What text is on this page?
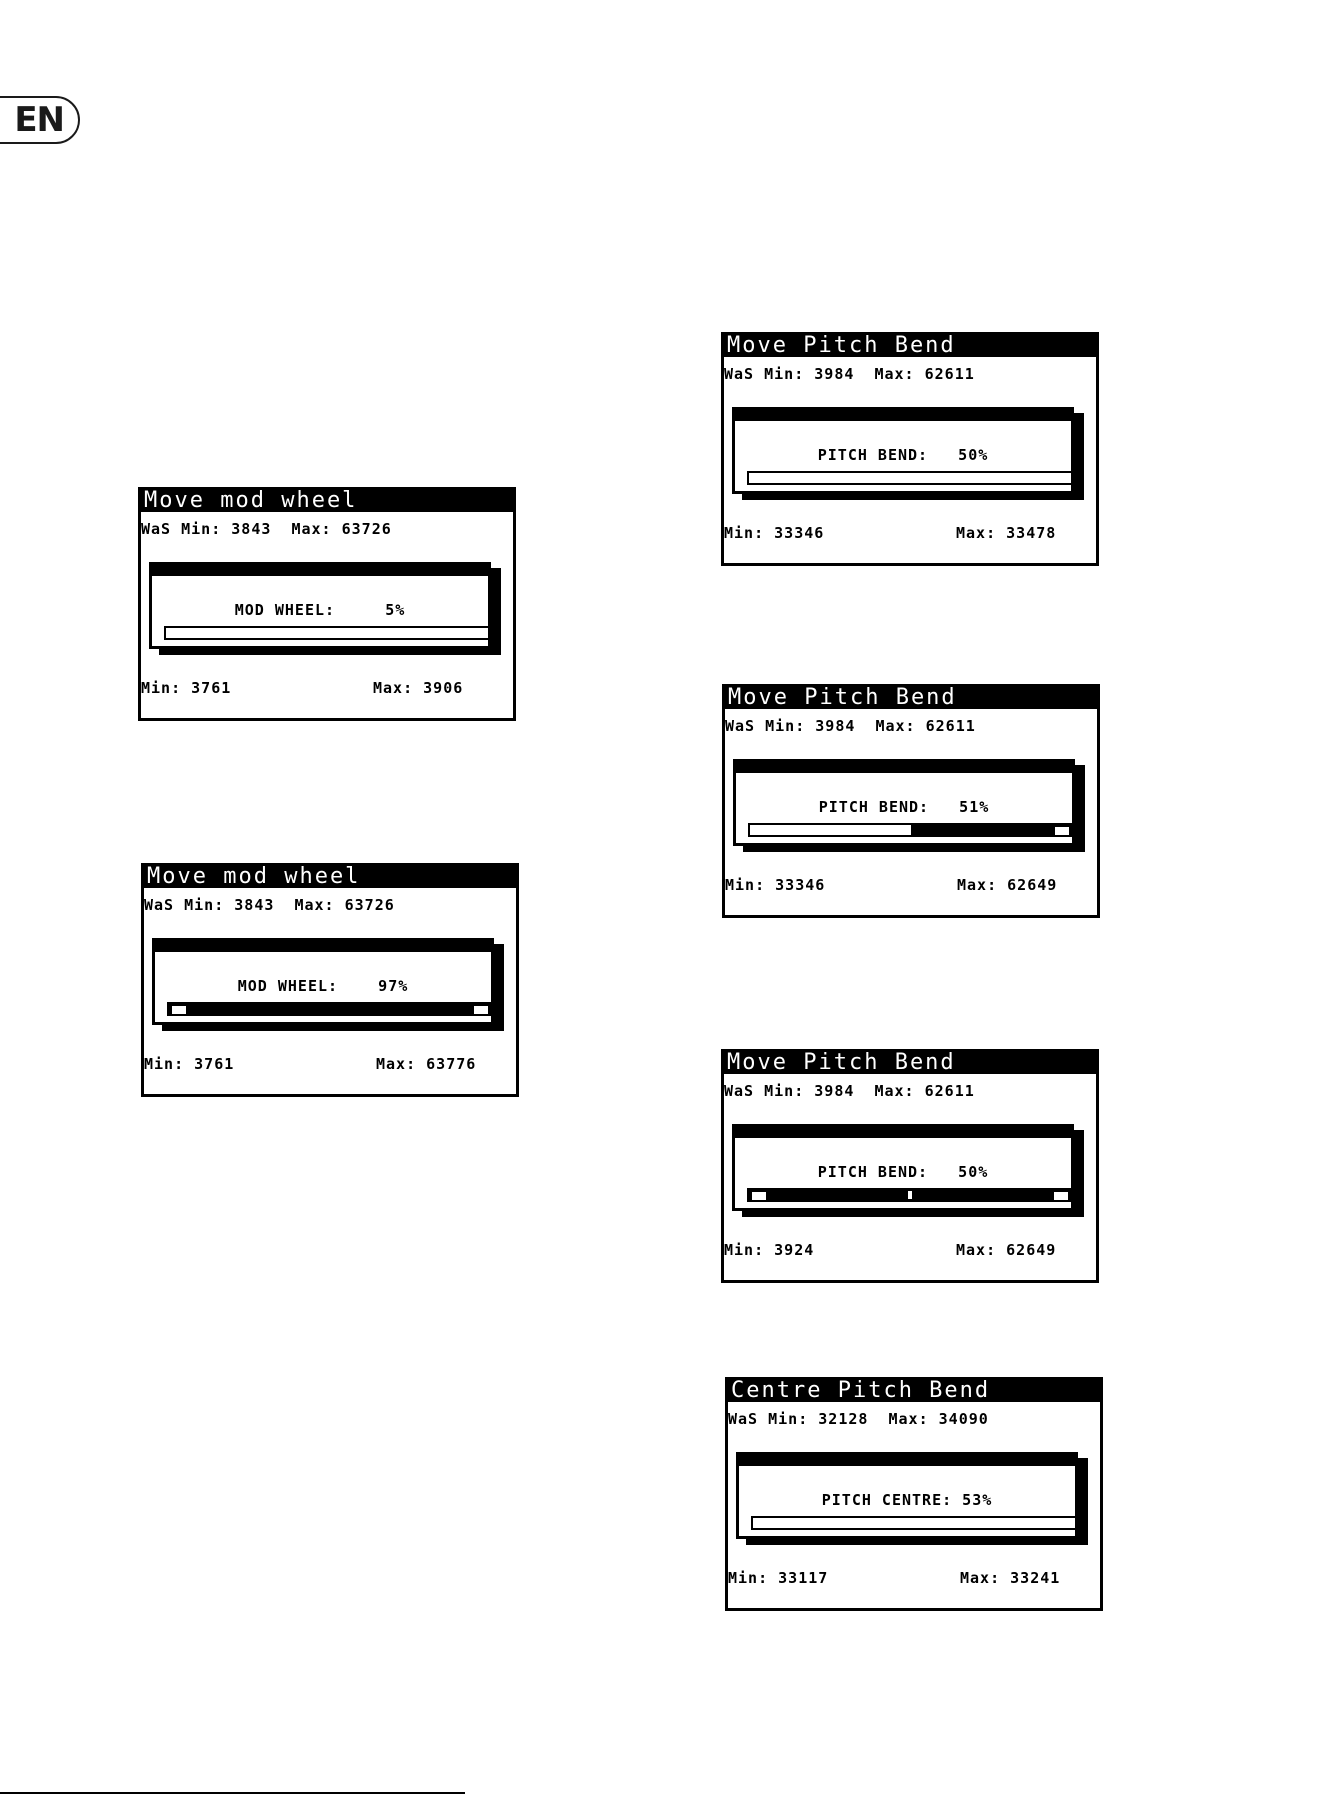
EN
Move mod wheel
WaS Min: 3843  Max: 63726
MOD WHEEL:     5%
Min: 3761	Max: 3906
Move mod wheel
WaS Min: 3843  Max: 63726
MOD WHEEL:    97%
Min: 3761	Max: 63776
Move Pitch Bend
WaS Min: 3984  Max: 62611
PITCH BEND:   50%
Min: 33346	Max: 33478
Move Pitch Bend
WaS Min: 3984  Max: 62611
PITCH BEND:   51%
Min: 33346	Max: 62649
Move Pitch Bend
WaS Min: 3984  Max: 62611
PITCH BEND:   50%
Min: 3924	Max: 62649
Centre Pitch Bend
WaS Min: 32128  Max: 34090
PITCH CENTRE: 53%
Min: 33117	Max: 33241
